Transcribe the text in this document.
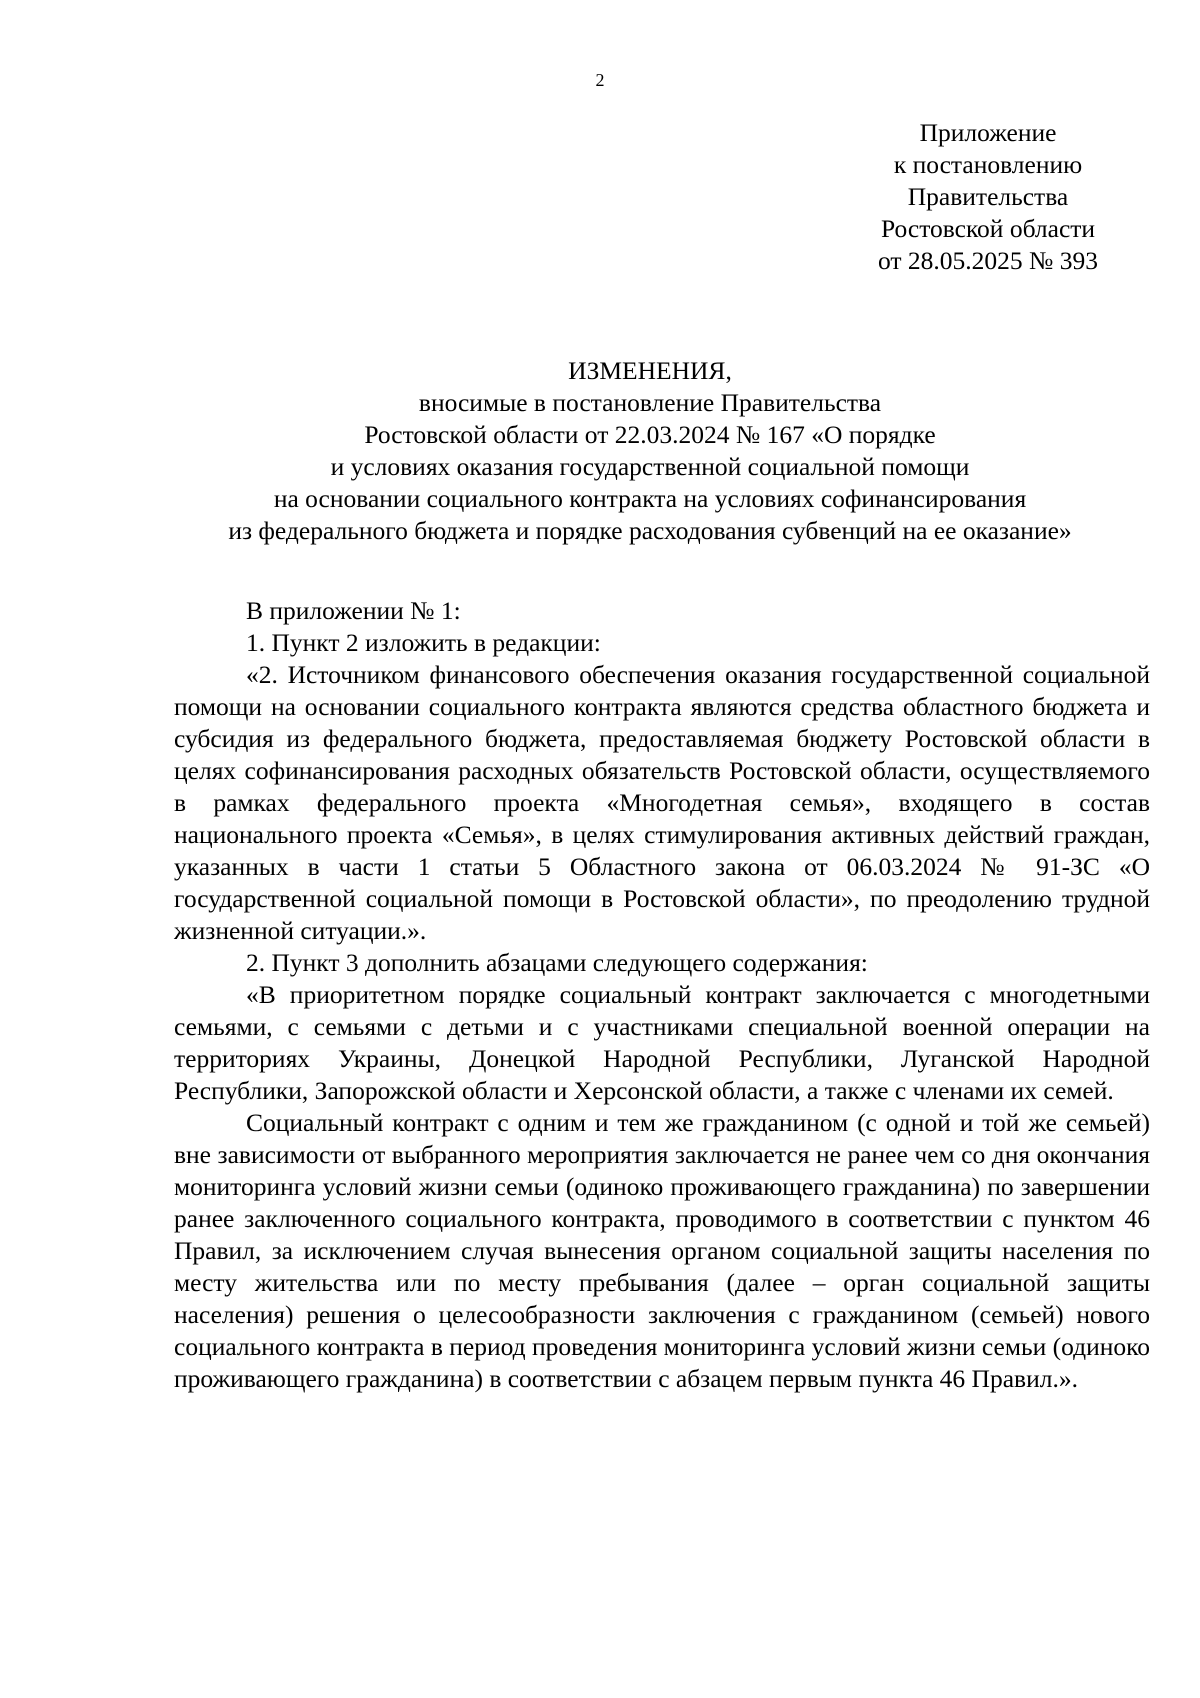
2
Приложение
к постановлению
Правительства
Ростовской области
от 28.05.2025 № 393
ИЗМЕНЕНИЯ,
вносимые в постановление Правительства
Ростовской области от 22.03.2024 № 167 «О порядке
и условиях оказания государственной социальной помощи
на основании социального контракта на условиях софинансирования
из федерального бюджета и порядке расходования субвенций на ее оказание»

В приложении № 1:

1. Пункт 2 изложить в редакции:

«2. Источником финансового обеспечения оказания государственной социальной помощи на основании социального контракта являются средства областного бюджета и субсидия из федерального бюджета, предоставляемая бюджету Ростовской области в целях софинансирования расходных обязательств Ростовской области, осуществляемого в рамках федерального проекта «Многодетная семья», входящего в состав национального проекта «Семья», в целях стимулирования активных действий граждан, указанных в части 1 статьи 5 Областного закона от 06.03.2024 № 91-ЗС «О государственной социальной помощи в Ростовской области», по преодолению трудной жизненной ситуации.».

2. Пункт 3 дополнить абзацами следующего содержания:

«В приоритетном порядке социальный контракт заключается с многодетными семьями, с семьями с детьми и с участниками специальной военной операции на территориях Украины, Донецкой Народной Республики, Луганской Народной Республики, Запорожской области и Херсонской области, а также с членами их семей.

Социальный контракт с одним и тем же гражданином (с одной и той же семьей) вне зависимости от выбранного мероприятия заключается не ранее чем со дня окончания мониторинга условий жизни семьи (одиноко проживающего гражданина) по завершении ранее заключенного социального контракта, проводимого в соответствии с пунктом 46 Правил, за исключением случая вынесения органом социальной защиты населения по месту жительства или по месту пребывания (далее – орган социальной защиты населения) решения о целесообразности заключения с гражданином (семьей) нового социального контракта в период проведения мониторинга условий жизни семьи (одиноко проживающего гражданина) в соответствии с абзацем первым пункта 46 Правил.».
